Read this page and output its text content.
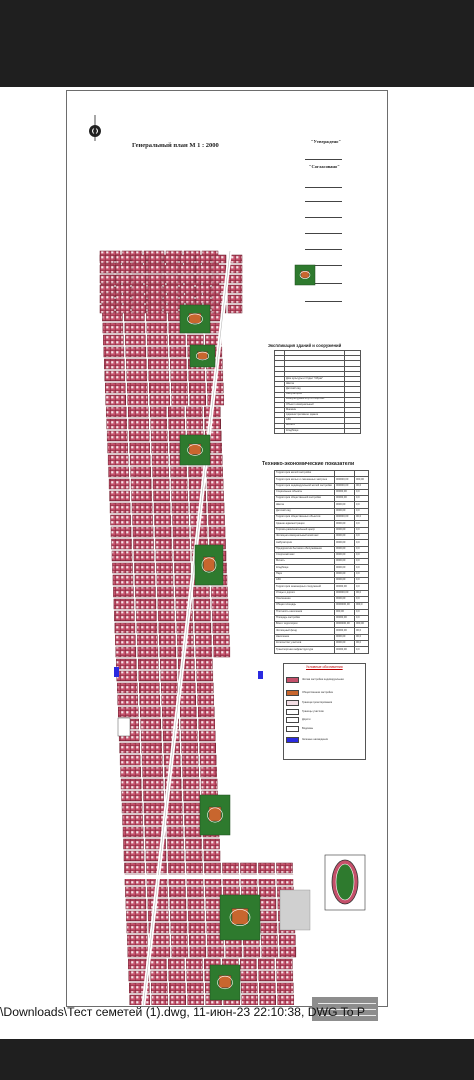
Генеральный план М 1 : 2000
"Утверждено"
"Согласовано"
Экспликация зданий и сооружений

	Дом культуры и Отдел "Образ"	
	Школа	
	Детский сад	
	Амбулатория	
	Физкультурный клуб и спортзал	
	Объект коммунальный	
	Магазин	
	Административное здание	
	АЗС	
	Мечеть	
	Кладбище	
Технико-экономические показатели
Территория жилой застройки		
Территория жилых и смешанных застроек	000000,00	000,00
Территория индивидуальной жилой застройки	000000,00	00,0
Социальные объекты	00000,00	0,0
Территория общественной застройки	00000,00	0,0
Школа	0000,00	0,0
Детский сад	0000,00	0,0
Территория общественных объектов	000000,00	00,0
Здание администрации	0000,00	0,0
Торгово-развлекательный центр	0000,00	0,0
Жилищно-коммунальный комплекс	0000,00	0,0
Амбулатория	0000,00	0,0
Предприятия бытового обслуживания	0000,00	0,0
Спорткомплекс	0000,00	0,0
Мечеть	0000,00	0,0
Кладбище	0000,00	0,0
Парк	0000,00	0,0
АЗС	0000,00	0,0
Территория инженерных сооружений	00000,00	0,0
Улицы и дороги	000000,00	00,0
Озеленение	0000,00	0,0
Общая площадь	0000000,00	000,0
Плотность населения	000,00	0,0
Площадь застройки	00000,00	0,0
Всего территории	0000000,00	000,00
Жилищный фонд	00000,00	00,0
Население	0000,00	00,0
Количество участков	0000,00	00,0
Транспортная инфраструктура	00000,00	0,0
Условные обозначения
Жилая застройка индивидуальная
Общественная застройка
Граница проектирования
Границы участков
Дороги
Водоемы
Зеленые насаждения
\Downloads\Тест семетей (1).dwg, 11-июн-23 22:10:38, DWG To P
